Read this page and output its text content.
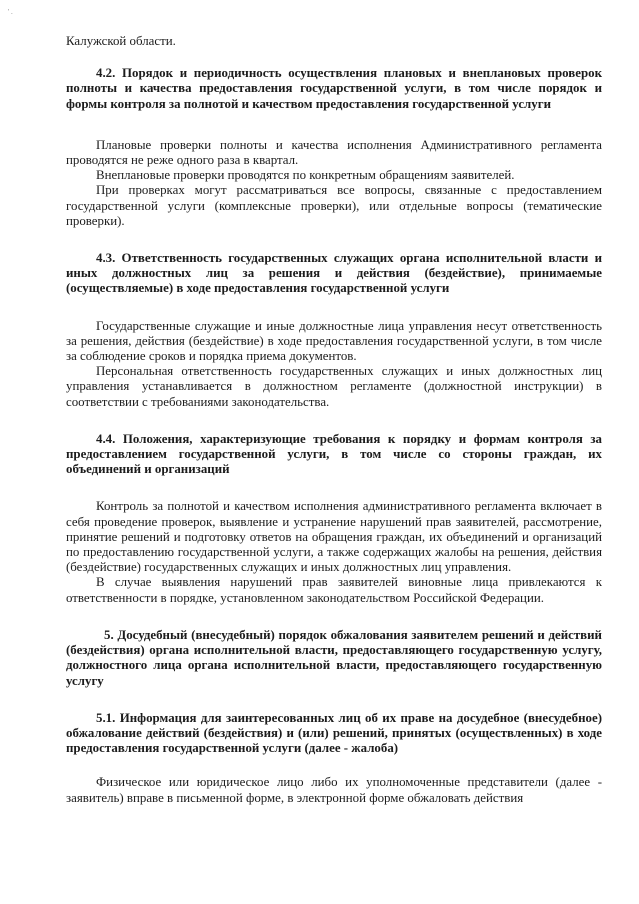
' .

Калужской области.

4.2. Порядок и периодичность осуществления плановых и внеплановых проверок полноты и качества предоставления государственной услуги, в том числе порядок и формы контроля за полнотой и качеством предоставления государственной услуги

Плановые проверки полноты и качества исполнения Административного регламента проводятся не реже одного раза в квартал.

Внеплановые проверки проводятся по конкретным обращениям заявителей.

При проверках могут рассматриваться все вопросы, связанные с предоставлением государственной услуги (комплексные проверки), или отдельные вопросы (тематические проверки).

4.3. Ответственность государственных служащих органа исполнительной власти и иных должностных лиц за решения и действия (бездействие), принимаемые (осуществляемые) в ходе предоставления государственной услуги

Государственные служащие и иные должностные лица управления несут ответственность за решения, действия (бездействие) в ходе предоставления государственной услуги, в том числе за соблюдение сроков и порядка приема документов.

Персональная ответственность государственных служащих и иных должностных лиц управления устанавливается в должностном регламенте (должностной инструкции) в соответствии с требованиями законодательства.

4.4. Положения, характеризующие требования к порядку и формам контроля за предоставлением государственной услуги, в том числе со стороны граждан, их объединений и организаций

Контроль за полнотой и качеством исполнения административного регламента включает в себя проведение проверок, выявление и устранение нарушений прав заявителей, рассмотрение, принятие решений и подготовку ответов на обращения граждан, их объединений и организаций по предоставлению государственной услуги, а также содержащих жалобы на решения, действия (бездействие) государственных служащих и иных должностных лиц управления.

В случае выявления нарушений прав заявителей виновные лица привлекаются к ответственности в порядке, установленном законодательством Российской Федерации.

5. Досудебный (внесудебный) порядок обжалования заявителем решений и действий (бездействия) органа исполнительной власти, предоставляющего государственную услугу, должностного лица органа исполнительной власти, предоставляющего государственную услугу

5.1. Информация для заинтересованных лиц об их праве на досудебное (внесудебное) обжалование действий (бездействия) и (или) решений, принятых (осуществленных) в ходе предоставления государственной услуги (далее - жалоба)

Физическое или юридическое лицо либо их уполномоченные представители (далее - заявитель) вправе в письменной форме, в электронной форме обжаловать действия
